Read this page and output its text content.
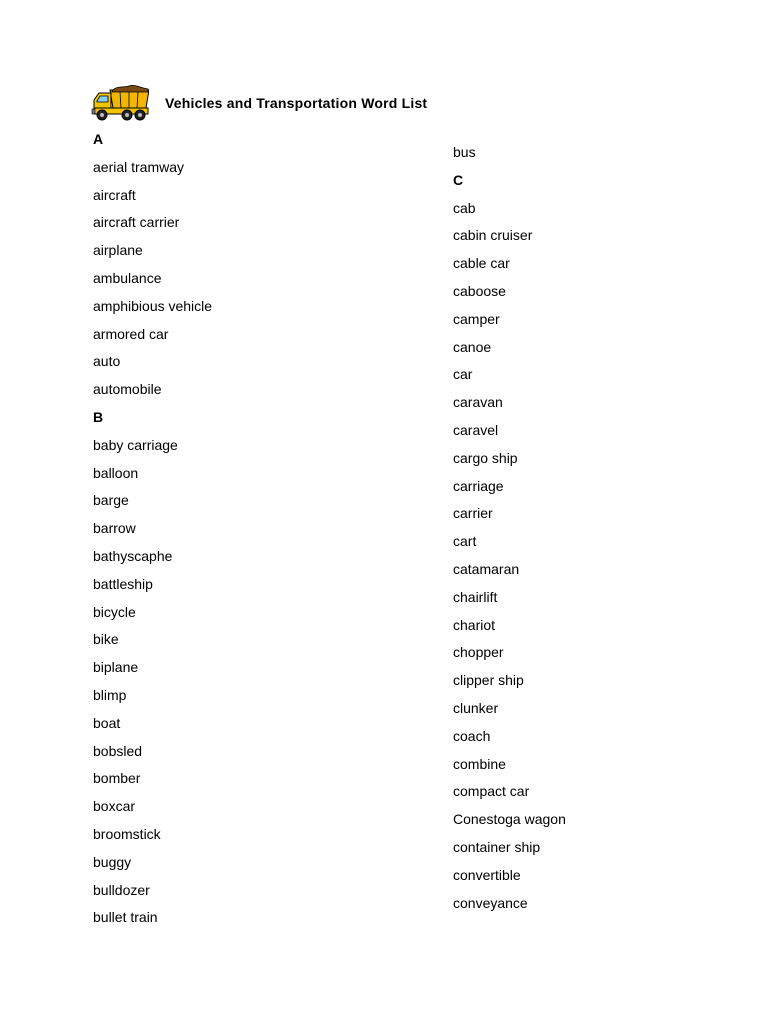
Vehicles and Transportation Word List
A
aerial tramway
aircraft
aircraft carrier
airplane
ambulance
amphibious vehicle
armored car
auto
automobile
B
baby carriage
balloon
barge
barrow
bathyscaphe
battleship
bicycle
bike
biplane
blimp
boat
bobsled
bomber
boxcar
broomstick
buggy
bulldozer
bullet train
bus
C
cab
cabin cruiser
cable car
caboose
camper
canoe
car
caravan
caravel
cargo ship
carriage
carrier
cart
catamaran
chairlift
chariot
chopper
clipper ship
clunker
coach
combine
compact car
Conestoga wagon
container ship
convertible
conveyance
